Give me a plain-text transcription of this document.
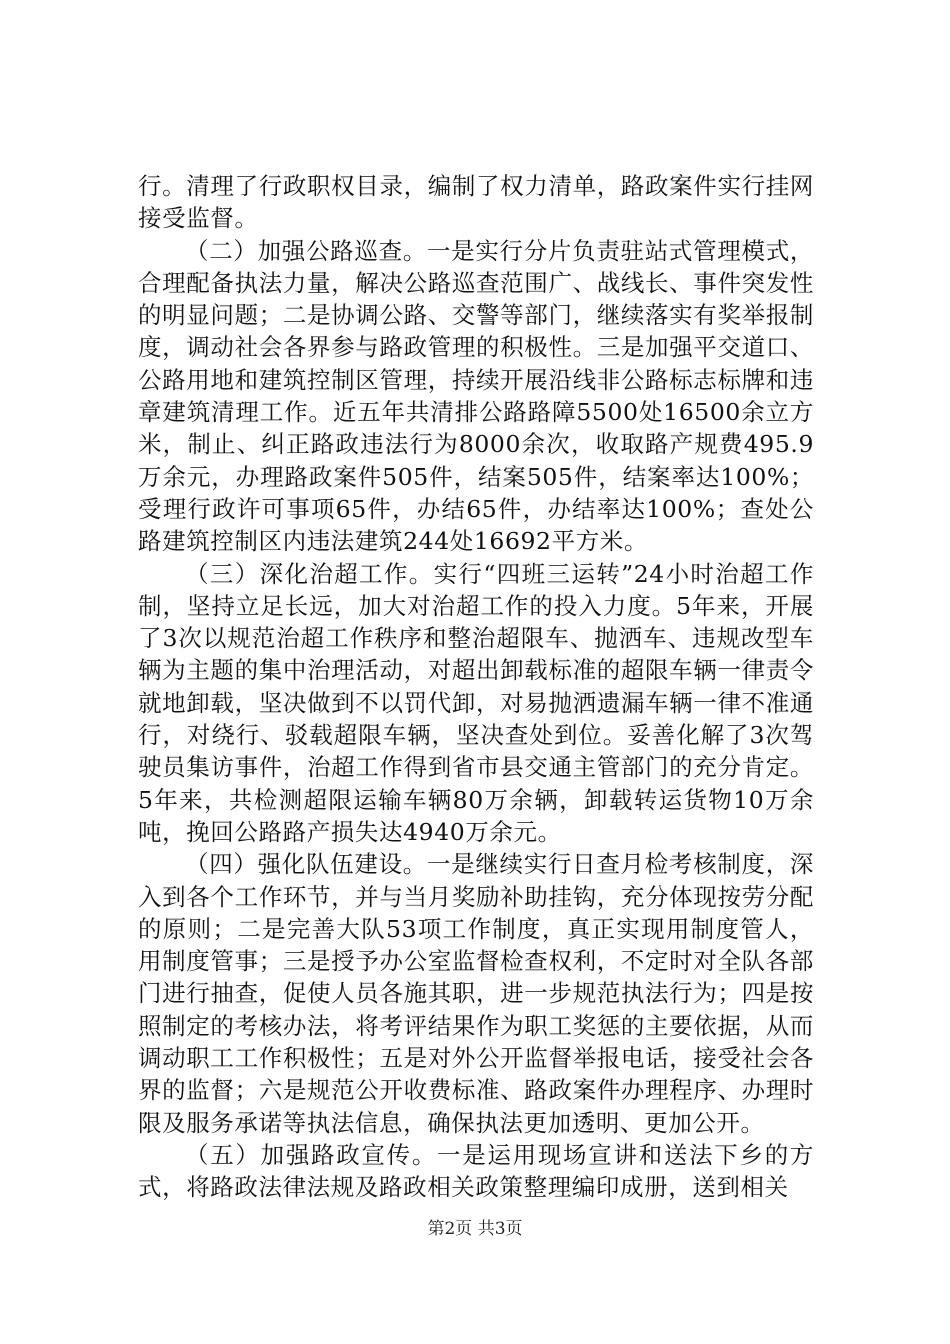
行。清理了行政职权目录，编制了权力清单，路政案件实行挂网接受监督。

（二）加强公路巡查。一是实行分片负责驻站式管理模式，合理配备执法力量，解决公路巡查范围广、战线长、事件突发性的明显问题；二是协调公路、交警等部门，继续落实有奖举报制度，调动社会各界参与路政管理的积极性。三是加强平交道口、公路用地和建筑控制区管理，持续开展沿线非公路标志标牌和违章建筑清理工作。近五年共清排公路路障5500处16500余立方米，制止、纠正路政违法行为8000余次，收取路产规费495.9万余元，办理路政案件505件，结案505件，结案率达100%；受理行政许可事项65件，办结65件，办结率达100%；查处公路建筑控制区内违法建筑244处16692平方米。

（三）深化治超工作。实行“四班三运转”24小时治超工作制，坚持立足长远，加大对治超工作的投入力度。5年来，开展了3次以规范治超工作秩序和整治超限车、抛洒车、违规改型车辆为主题的集中治理活动，对超出卸载标准的超限车辆一律责令就地卸载，坚决做到不以罚代卸，对易抛洒遗漏车辆一律不准通行，对绕行、驳载超限车辆，坚决查处到位。妥善化解了3次驾驶员集访事件，治超工作得到省市县交通主管部门的充分肯定。5年来，共检测超限运输车辆80万余辆，卸载转运货物10万余吨，挽回公路路产损失达4940万余元。

（四）强化队伍建设。一是继续实行日查月检考核制度，深入到各个工作环节，并与当月奖励补助挂钩，充分体现按劳分配的原则；二是完善大队53项工作制度，真正实现用制度管人，用制度管事；三是授予办公室监督检查权利，不定时对全队各部门进行抽查，促使人员各施其职，进一步规范执法行为；四是按照制定的考核办法，将考评结果作为职工奖惩的主要依据，从而调动职工工作积极性；五是对外公开监督举报电话，接受社会各界的监督；六是规范公开收费标准、路政案件办理程序、办理时限及服务承诺等执法信息，确保执法更加透明、更加公开。

（五）加强路政宣传。一是运用现场宣讲和送法下乡的方式，将路政法律法规及路政相关政策整理编印成册，送到相关

第2页 共3页
